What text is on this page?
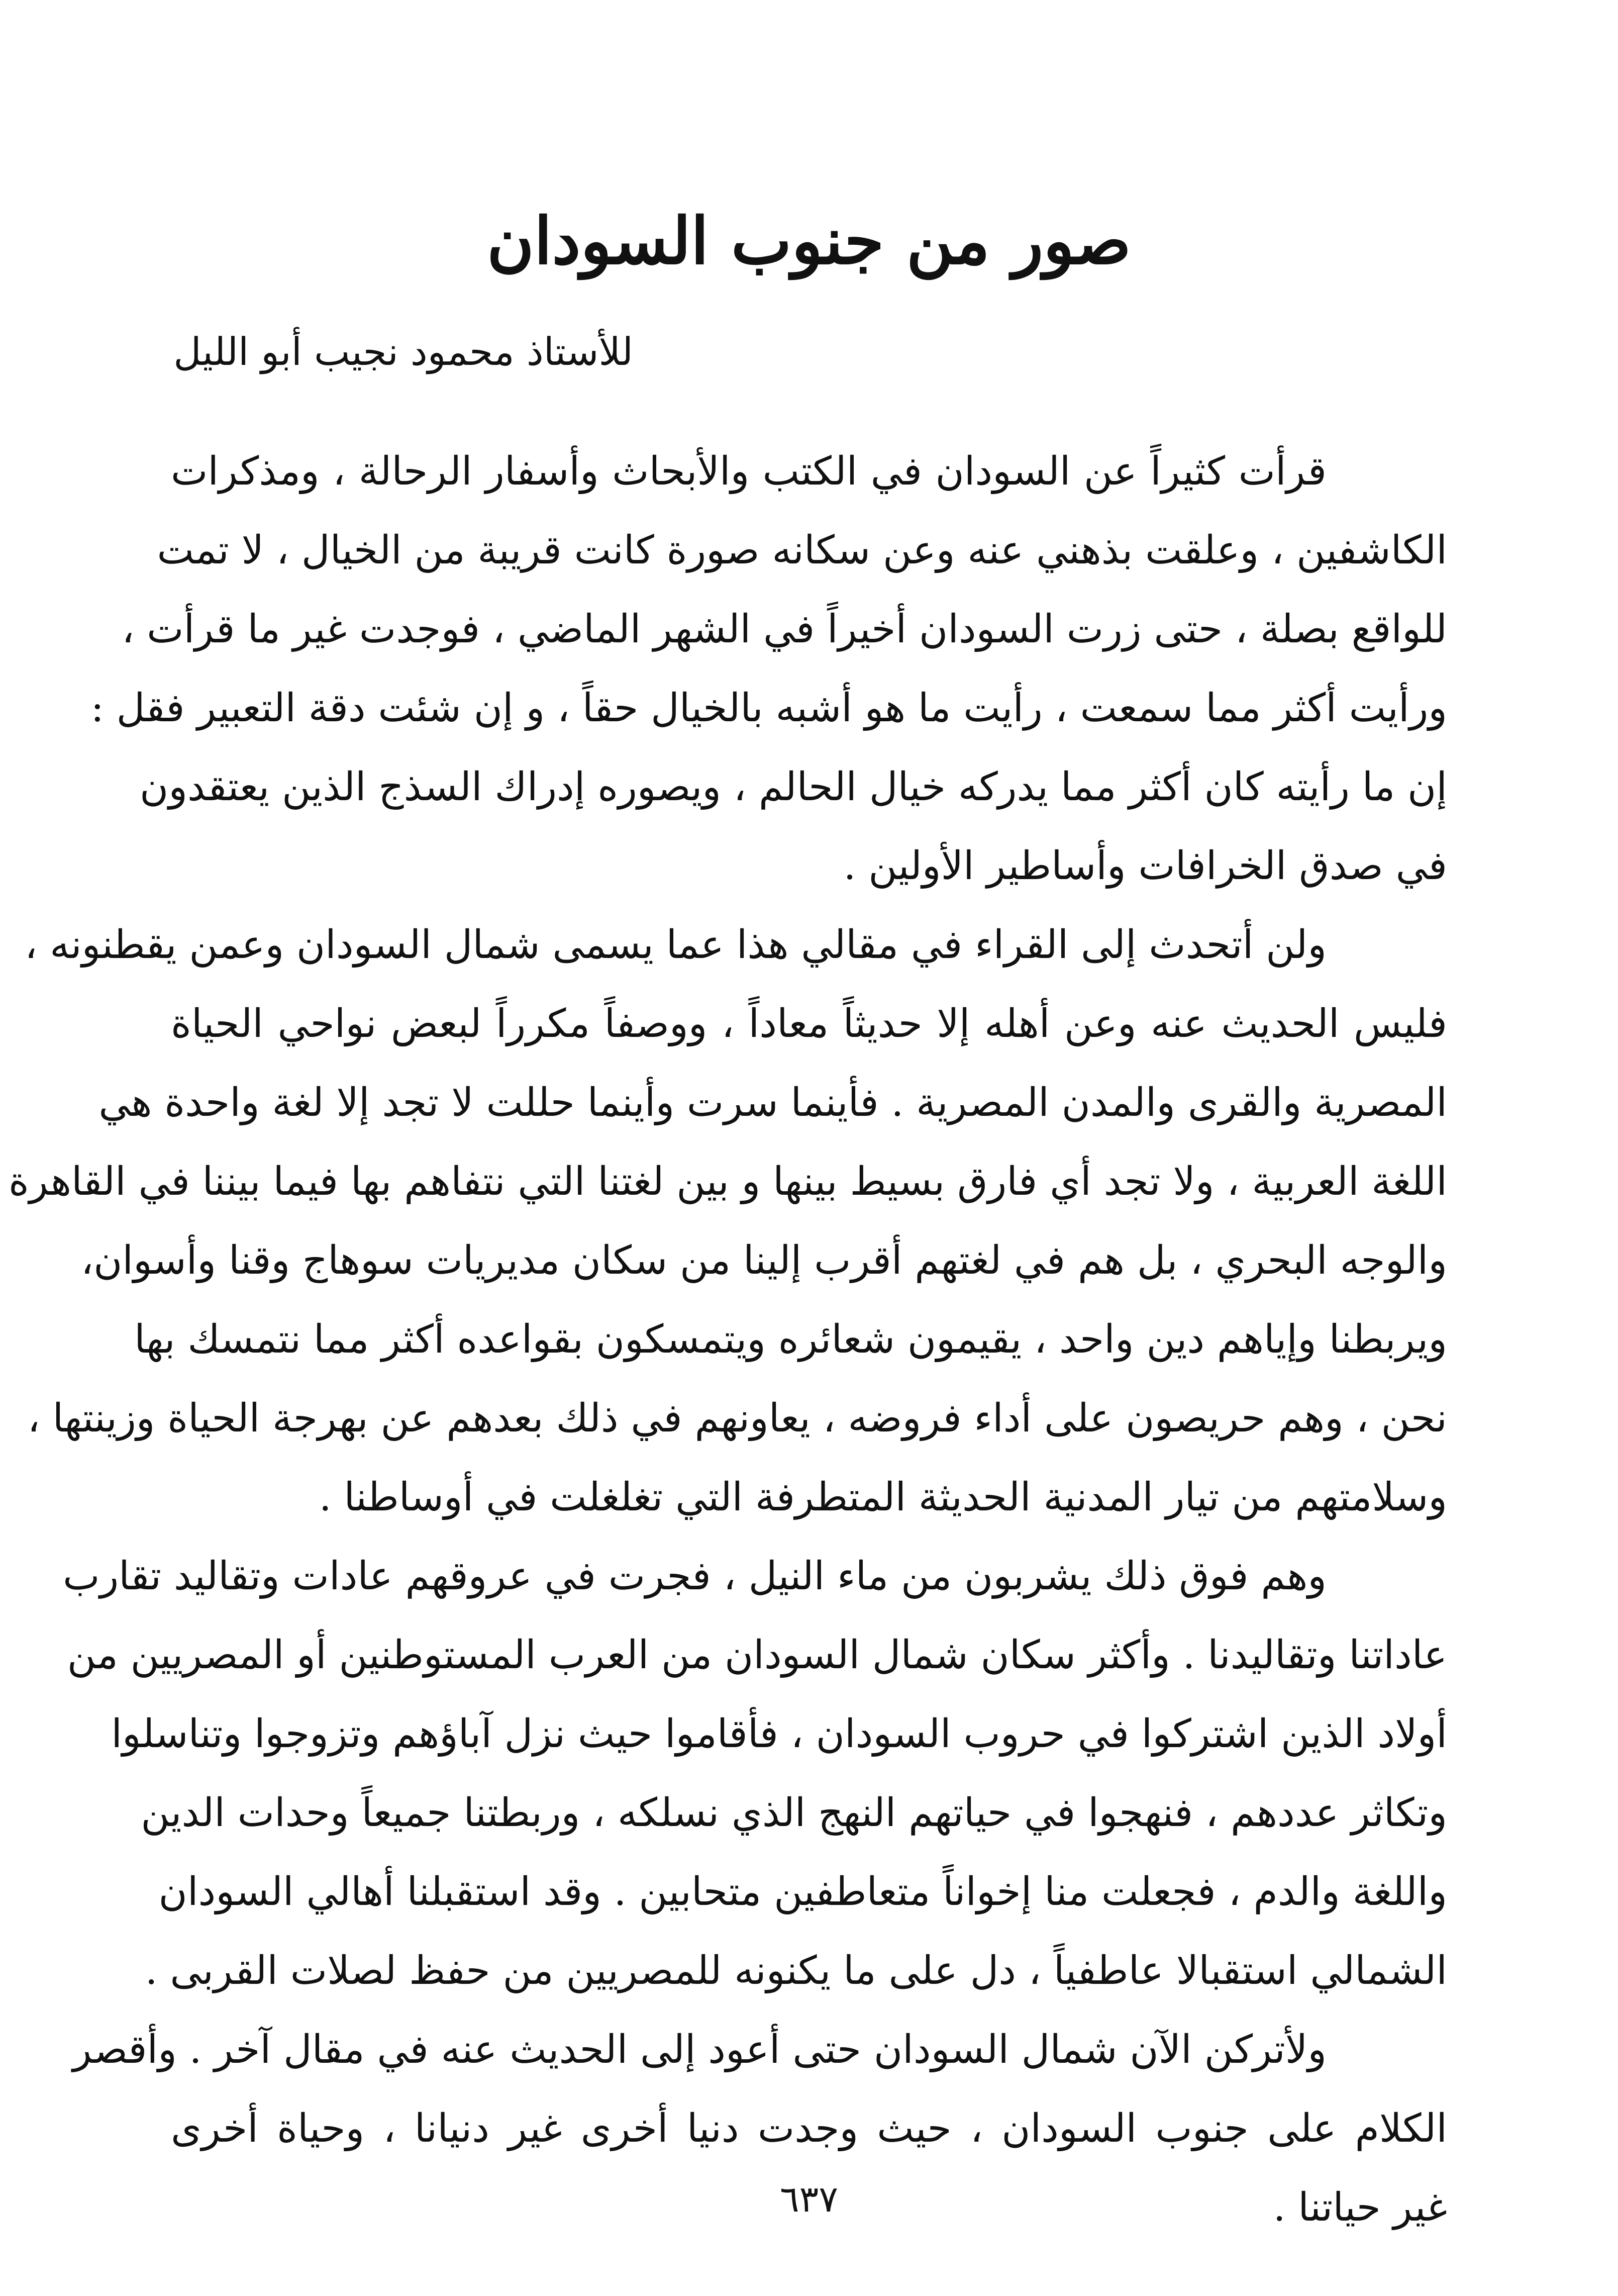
صور من جنوب السودان
للأستاذ محمود نجيب أبو الليل
قرأت كثيراً عن السودان في الكتب والأبحاث وأسفار الرحالة ، ومذكرات
الكاشفين ، وعلقت بذهني عنه وعن سكانه صورة كانت قريبة من الخيال ، لا تمت
للواقع بصلة ، حتى زرت السودان أخيراً في الشهر الماضي ، فوجدت غير ما قرأت ،
ورأيت أكثر مما سمعت ، رأيت ما هو أشبه بالخيال حقاً ، و إن شئت دقة التعبير فقل :
إن ما رأيته كان أكثر مما يدركه خيال الحالم ، ويصوره إدراك السذج الذين يعتقدون
في صدق الخرافات وأساطير الأولين .
ولن أتحدث إلى القراء في مقالي هذا عما يسمى شمال السودان وعمن يقطنونه ،
فليس الحديث عنه وعن أهله إلا حديثاً معاداً ، ووصفاً مكرراً لبعض نواحي الحياة
المصرية والقرى والمدن المصرية . فأينما سرت وأينما حللت لا تجد إلا لغة واحدة هي
اللغة العربية ، ولا تجد أي فارق بسيط بينها و بين لغتنا التي نتفاهم بها فيما بيننا في القاهرة
والوجه البحري ، بل هم في لغتهم أقرب إلينا من سكان مديريات سوهاج وقنا وأسوان،
ويربطنا وإياهم دين واحد ، يقيمون شعائره ويتمسكون بقواعده أكثر مما نتمسك بها
نحن ، وهم حريصون على أداء فروضه ، يعاونهم في ذلك بعدهم عن بهرجة الحياة وزينتها ،
وسلامتهم من تيار المدنية الحديثة المتطرفة التي تغلغلت في أوساطنا .
وهم فوق ذلك يشربون من ماء النيل ، فجرت في عروقهم عادات وتقاليد تقارب
عاداتنا وتقاليدنا . وأكثر سكان شمال السودان من العرب المستوطنين أو المصريين من
أولاد الذين اشتركوا في حروب السودان ، فأقاموا حيث نزل آباؤهم وتزوجوا وتناسلوا
وتكاثر عددهم ، فنهجوا في حياتهم النهج الذي نسلكه ، وربطتنا جميعاً وحدات الدين
واللغة والدم ، فجعلت منا إخواناً متعاطفين متحابين . وقد استقبلنا أهالي السودان
الشمالي استقبالا عاطفياً ، دل على ما يكنونه للمصريين من حفظ لصلات القربى .
ولأتركن الآن شمال السودان حتى أعود إلى الحديث عنه في مقال آخر . وأقصر
الكلام على جنوب السودان ، حيث وجدت دنيا أخرى غير دنيانا ، وحياة أخرى
غير حياتنا .
٦٣٧
